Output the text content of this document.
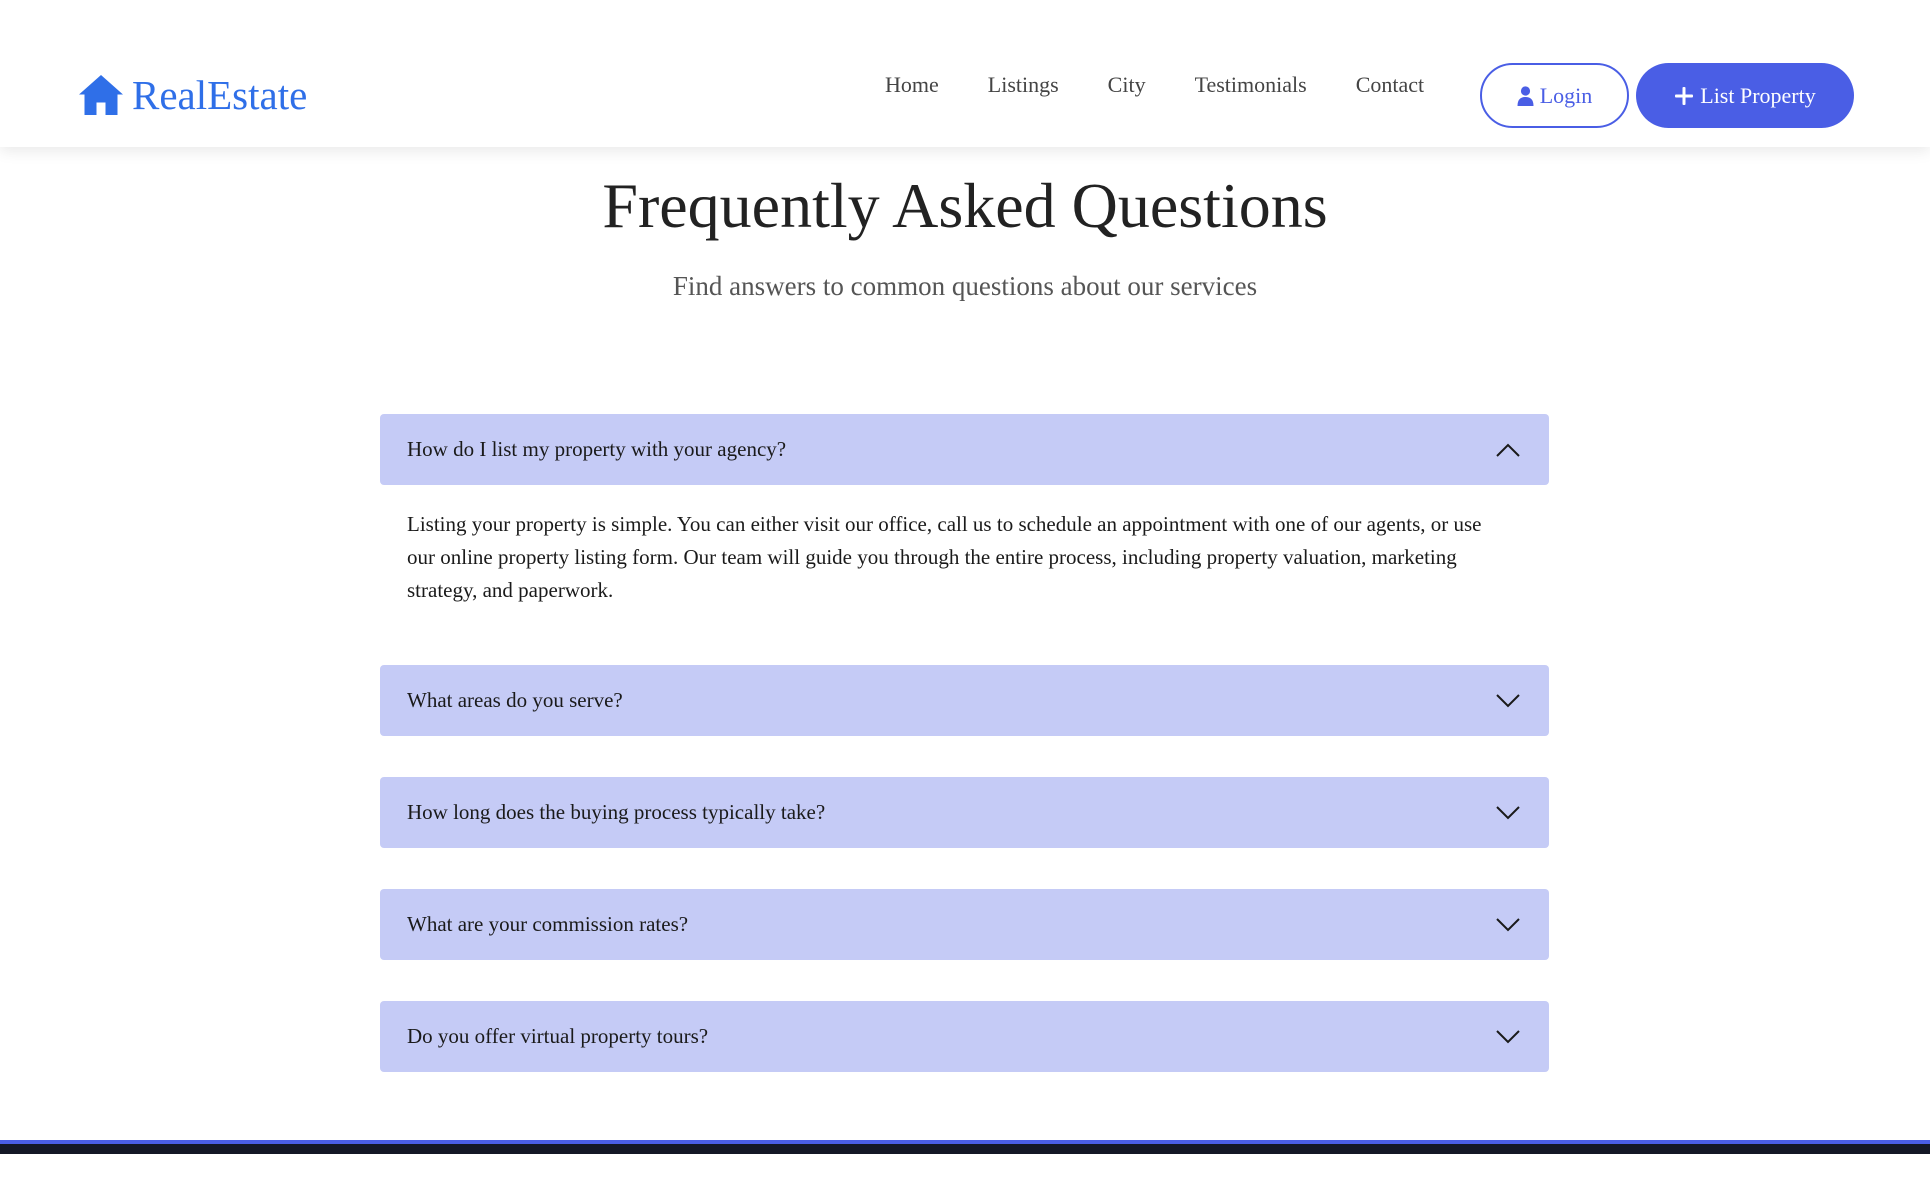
RealEstate	Home Listings City Testimonials Contact	Login	List Property
Frequently Asked Questions

Find answers to common questions about our services

How do I list my property with your agency?
Listing your property is simple. You can either visit our office, call us to schedule an appointment with one of our agents, or use our online property listing form. Our team will guide you through the entire process, including property valuation, marketing strategy, and paperwork.
What areas do you serve?
How long does the buying process typically take?
What are your commission rates?
Do you offer virtual property tours?
